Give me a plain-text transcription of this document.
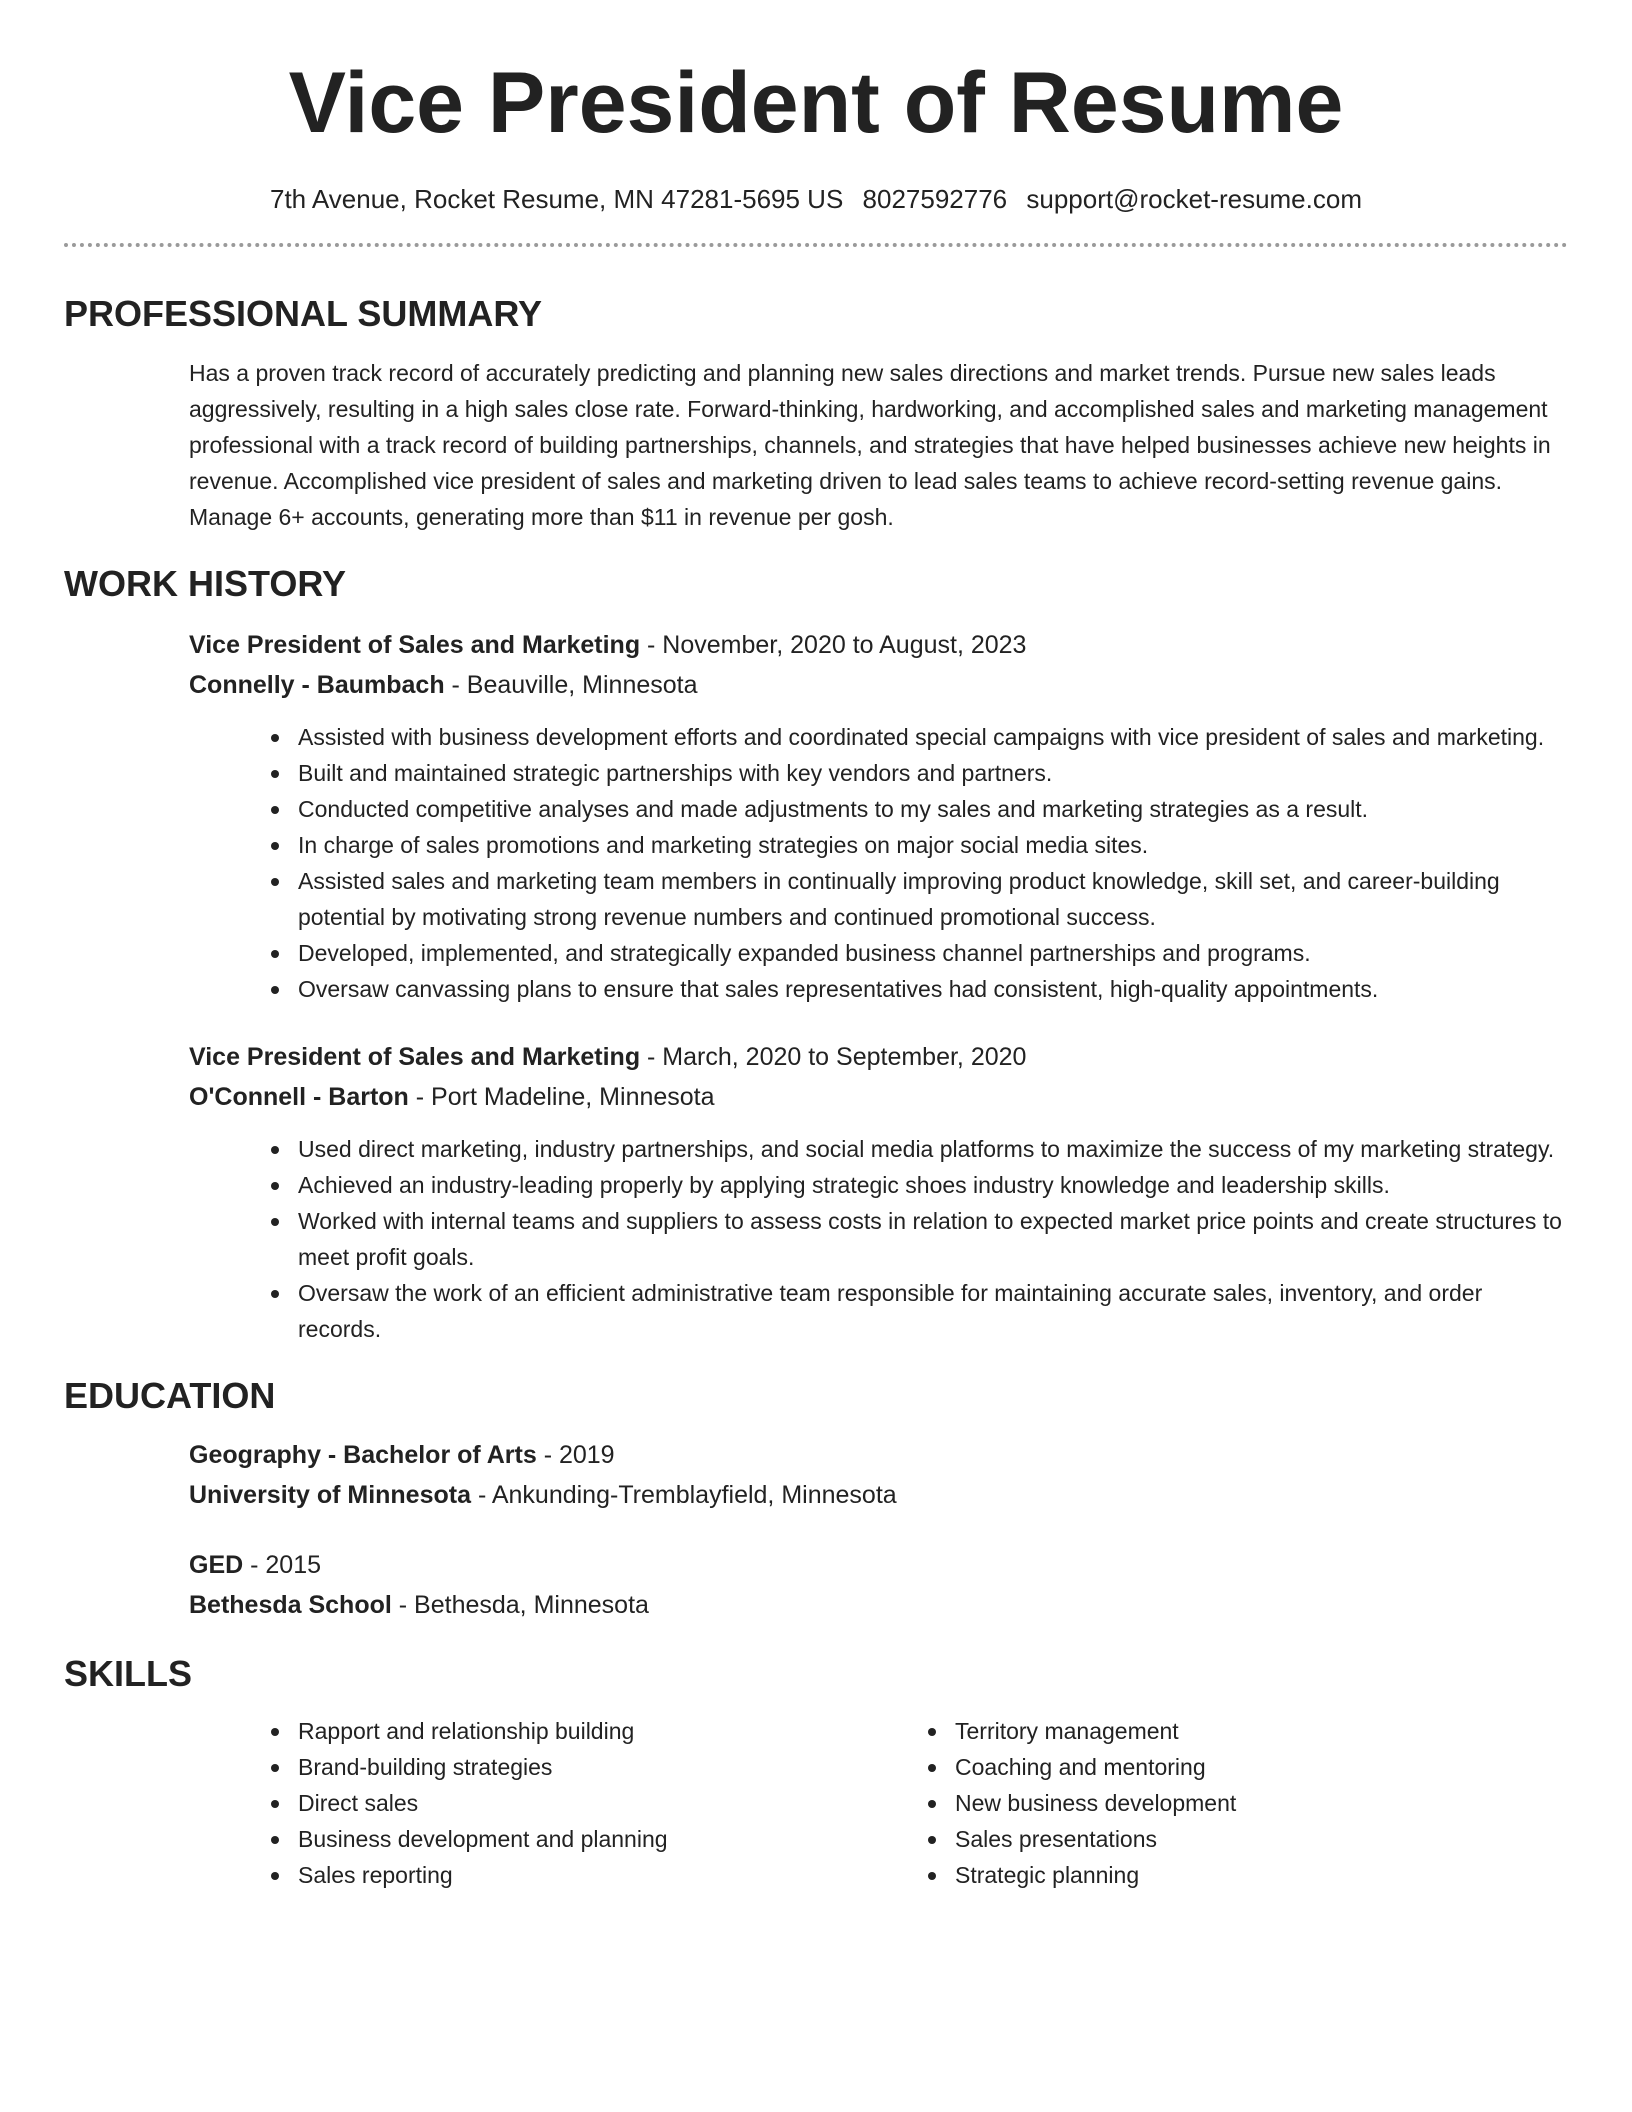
Vice President of Resume
7th Avenue, Rocket Resume, MN 47281-5695 US 8027592776 support@rocket-resume.com
PROFESSIONAL SUMMARY

Has a proven track record of accurately predicting and planning new sales directions and market trends. Pursue new sales leads aggressively, resulting in a high sales close rate. Forward-thinking, hardworking, and accomplished sales and marketing management professional with a track record of building partnerships, channels, and strategies that have helped businesses achieve new heights in revenue. Accomplished vice president of sales and marketing driven to lead sales teams to achieve record-setting revenue gains. Manage 6+ accounts, generating more than $11 in revenue per gosh.

WORK HISTORY
Vice President of Sales and Marketing - November, 2020 to August, 2023
Connelly - Baumbach - Beauville, Minnesota
Assisted with business development efforts and coordinated special campaigns with vice president of sales and marketing.
Built and maintained strategic partnerships with key vendors and partners.
Conducted competitive analyses and made adjustments to my sales and marketing strategies as a result.
In charge of sales promotions and marketing strategies on major social media sites.
Assisted sales and marketing team members in continually improving product knowledge, skill set, and career-building potential by motivating strong revenue numbers and continued promotional success.
Developed, implemented, and strategically expanded business channel partnerships and programs.
Oversaw canvassing plans to ensure that sales representatives had consistent, high-quality appointments.
Vice President of Sales and Marketing - March, 2020 to September, 2020
O'Connell - Barton - Port Madeline, Minnesota
Used direct marketing, industry partnerships, and social media platforms to maximize the success of my marketing strategy.
Achieved an industry-leading properly by applying strategic shoes industry knowledge and leadership skills.
Worked with internal teams and suppliers to assess costs in relation to expected market price points and create structures to meet profit goals.
Oversaw the work of an efficient administrative team responsible for maintaining accurate sales, inventory, and order records.
EDUCATION
Geography - Bachelor of Arts - 2019
University of Minnesota - Ankunding-Tremblayfield, Minnesota
GED - 2015
Bethesda School - Bethesda, Minnesota
SKILLS
Rapport and relationship building
Brand-building strategies
Direct sales
Business development and planning
Sales reporting
Territory management
Coaching and mentoring
New business development
Sales presentations
Strategic planning
